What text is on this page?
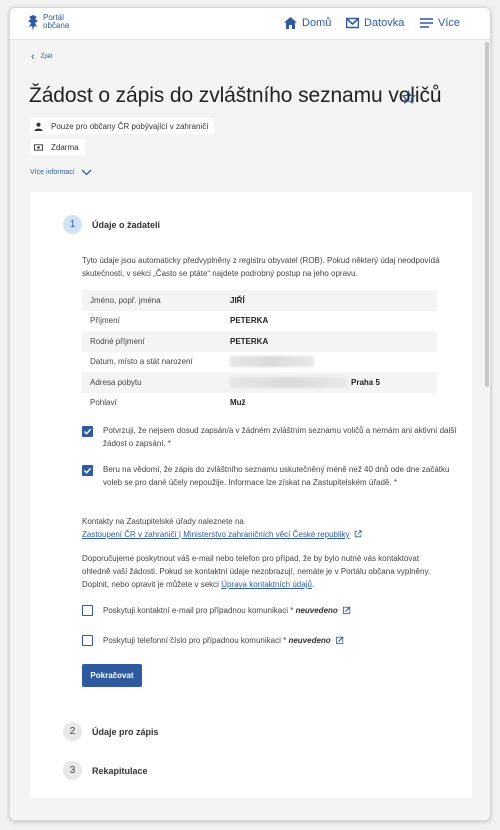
Portál
občana	Domů	Datovka	Více
‹ Zpět
Žádost o zápis do zvláštního seznamu voličů
Pouze pro občany ČR pobývající v zahraničí
Zdarma
Více informací
1	Údaje o žadateli
Tyto údaje jsou automaticky předvyplněny z registru obyvatel (ROB). Pokud některý údaj neodpovídá skutečnosti, v sekci „Často se ptáte“ najdete podrobný postup na jeho opravu.
Jméno, popř. jména	JIŘÍ
Příjmení	PETERKA
Rodné příjmení	PETERKA
Datum, místo a stát narození
Adresa pobytu	Praha 5
Pohlaví	Muž
Potvrzuji, že nejsem dosud zapsán/a v žádném zvláštním seznamu voličů a nemám ani aktivní další žádost o zapsání. *
Beru na vědomí, že zápis do zvláštního seznamu uskutečněný méně než 40 dnů ode dne začátku voleb se pro dané účely nepoužije. Informace lze získat na Zastupitelském úřadě. *
Kontakty na Zastupitelské úřady naleznete na
Zastoupení ČR v zahraničí | Ministerstvo zahraničních věcí České republiky
Doporučujeme poskytnout váš e-mail nebo telefon pro případ, že by bylo nutné vás kontaktovat ohledně vaší žádosti. Pokud se kontaktní údaje nezobrazují, nemáte je v Portálu občana vyplněny. Doplnit, nebo opravit je můžete v sekci Úprava kontaktních údajů.
Poskytuji kontaktní e-mail pro případnou komunikaci * neuvedeno
Poskytuji telefonní číslo pro případnou komunikaci * neuvedeno
Pokračovat
2	Údaje pro zápis
3	Rekapitulace
